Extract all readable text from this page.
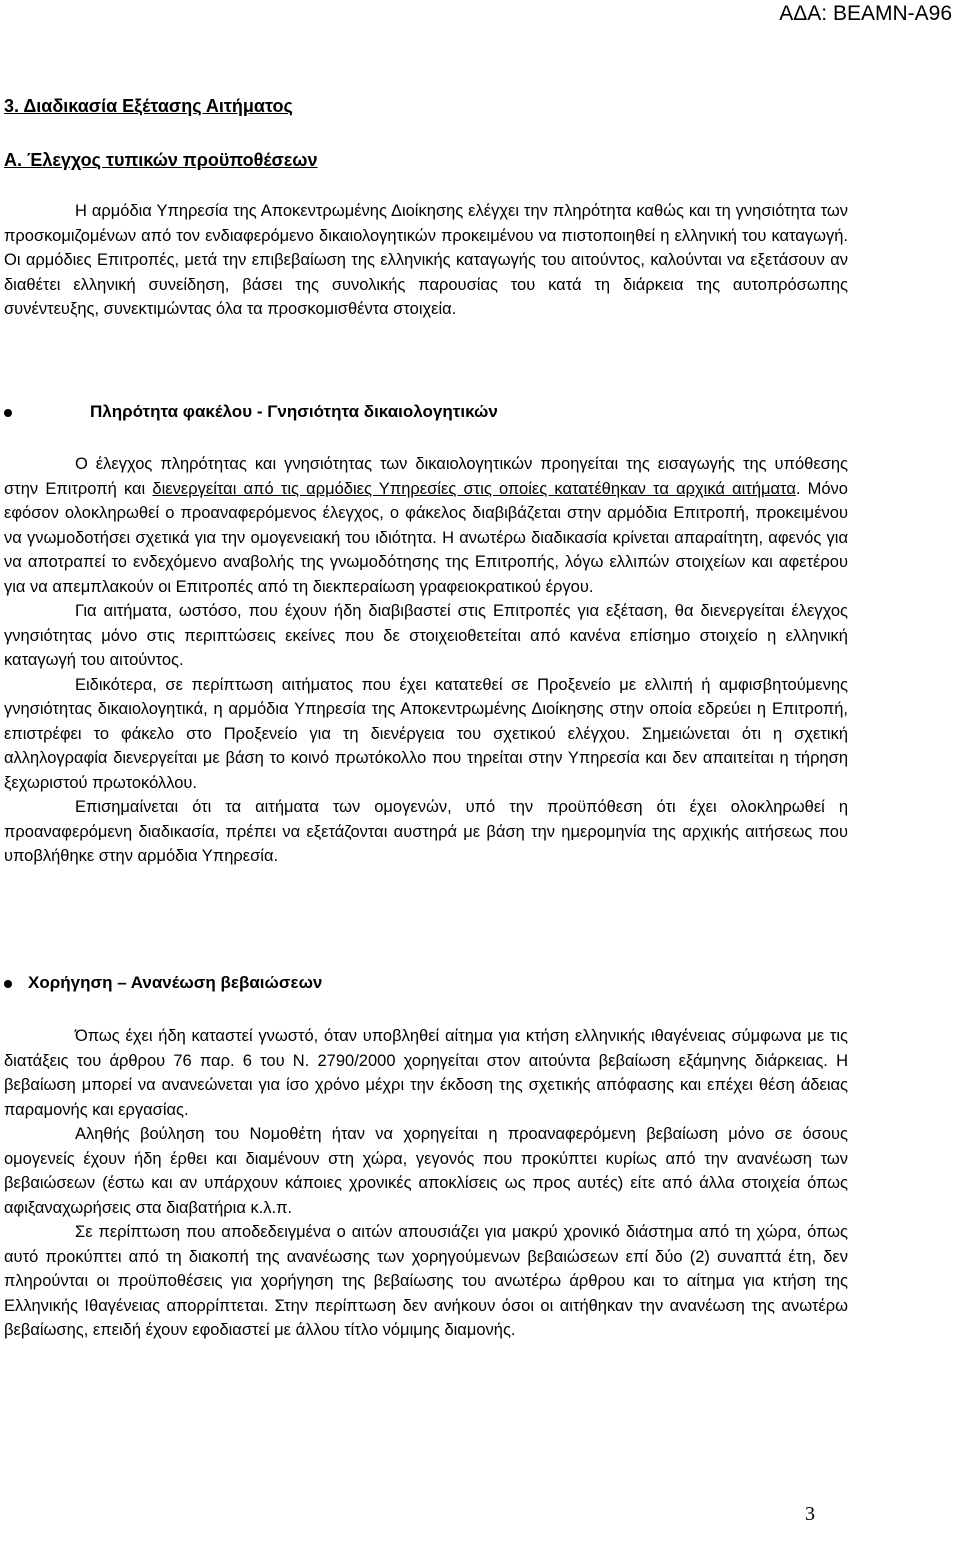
ΑΔΑ: ΒΕΑΜΝ-Α96
3. Διαδικασία Εξέτασης Αιτήματος
Α. Έλεγχος τυπικών προϋποθέσεων

Η αρμόδια Υπηρεσία της Αποκεντρωμένης Διοίκησης ελέγχει την πληρότητα καθώς και τη γνησιότητα των προσκομιζομένων από τον ενδιαφερόμενο δικαιολογητικών προκειμένου να πιστοποιηθεί η ελληνική του καταγωγή. Οι αρμόδιες Επιτροπές, μετά την επιβεβαίωση της ελληνικής καταγωγής του αιτούντος, καλούνται να εξετάσουν αν διαθέτει ελληνική συνείδηση, βάσει της συνολικής παρουσίας του κατά τη διάρκεια της αυτοπρόσωπης συνέντευξης, συνεκτιμώντας όλα τα προσκομισθέντα στοιχεία.

Πληρότητα φακέλου - Γνησιότητα δικαιολογητικών

Ο έλεγχος πληρότητας και γνησιότητας των δικαιολογητικών προηγείται της εισαγωγής της υπόθεσης στην Επιτροπή και διενεργείται από τις αρμόδιες Υπηρεσίες στις οποίες κατατέθηκαν τα αρχικά αιτήματα. Μόνο εφόσον ολοκληρωθεί ο προαναφερόμενος έλεγχος, ο φάκελος διαβιβάζεται στην αρμόδια Επιτροπή, προκειμένου να γνωμοδοτήσει σχετικά για την ομογενειακή του ιδιότητα. Η ανωτέρω διαδικασία κρίνεται απαραίτητη, αφενός για να αποτραπεί το ενδεχόμενο αναβολής της γνωμοδότησης της Επιτροπής, λόγω ελλιπών στοιχείων και αφετέρου για να απεμπλακούν οι Επιτροπές από τη διεκπεραίωση γραφειοκρατικού έργου.

Για αιτήματα, ωστόσο, που έχουν ήδη διαβιβαστεί στις Επιτροπές για εξέταση, θα διενεργείται έλεγχος γνησιότητας μόνο στις περιπτώσεις εκείνες που δε στοιχειοθετείται από κανένα επίσημο στοιχείο η ελληνική καταγωγή του αιτούντος.

Ειδικότερα, σε περίπτωση αιτήματος που έχει κατατεθεί σε Προξενείο με ελλιπή ή αμφισβητούμενης γνησιότητας δικαιολογητικά, η αρμόδια Υπηρεσία της Αποκεντρωμένης Διοίκησης στην οποία εδρεύει η Επιτροπή, επιστρέφει το φάκελο στο Προξενείο για τη διενέργεια του σχετικού ελέγχου. Σημειώνεται ότι η σχετική αλληλογραφία διενεργείται με βάση το κοινό πρωτόκολλο που τηρείται στην Υπηρεσία και δεν απαιτείται η τήρηση ξεχωριστού πρωτοκόλλου.

Επισημαίνεται ότι τα αιτήματα των ομογενών, υπό την προϋπόθεση ότι έχει ολοκληρωθεί η προαναφερόμενη διαδικασία, πρέπει να εξετάζονται αυστηρά με βάση την ημερομηνία της αρχικής αιτήσεως που υποβλήθηκε στην αρμόδια Υπηρεσία.

Χορήγηση – Ανανέωση βεβαιώσεων

Όπως έχει ήδη καταστεί γνωστό, όταν υποβληθεί αίτημα για κτήση ελληνικής ιθαγένειας σύμφωνα με τις διατάξεις του άρθρου 76 παρ. 6 του Ν. 2790/2000 χορηγείται στον αιτούντα βεβαίωση εξάμηνης διάρκειας. Η βεβαίωση μπορεί να ανανεώνεται για ίσο χρόνο μέχρι την έκδοση της σχετικής απόφασης και επέχει θέση άδειας παραμονής και εργασίας.

Αληθής βούληση του Νομοθέτη ήταν να χορηγείται η προαναφερόμενη βεβαίωση μόνο σε όσους ομογενείς έχουν ήδη έρθει και διαμένουν στη χώρα, γεγονός που προκύπτει κυρίως από την ανανέωση των βεβαιώσεων (έστω και αν υπάρχουν κάποιες χρονικές αποκλίσεις ως προς αυτές) είτε από άλλα στοιχεία όπως αφιξαναχωρήσεις στα διαβατήρια κ.λ.π.

Σε περίπτωση που αποδεδειγμένα ο αιτών απουσιάζει για μακρύ χρονικό διάστημα από τη χώρα, όπως αυτό προκύπτει από τη διακοπή της ανανέωσης των χορηγούμενων βεβαιώσεων επί δύο (2) συναπτά έτη, δεν πληρούνται οι προϋποθέσεις για χορήγηση της βεβαίωσης του ανωτέρω άρθρου και το αίτημα για κτήση της Ελληνικής Ιθαγένειας απορρίπτεται. Στην περίπτωση δεν ανήκουν όσοι οι αιτήθηκαν την ανανέωση της ανωτέρω βεβαίωσης, επειδή έχουν εφοδιαστεί με άλλου τίτλο νόμιμης διαμονής.

3
